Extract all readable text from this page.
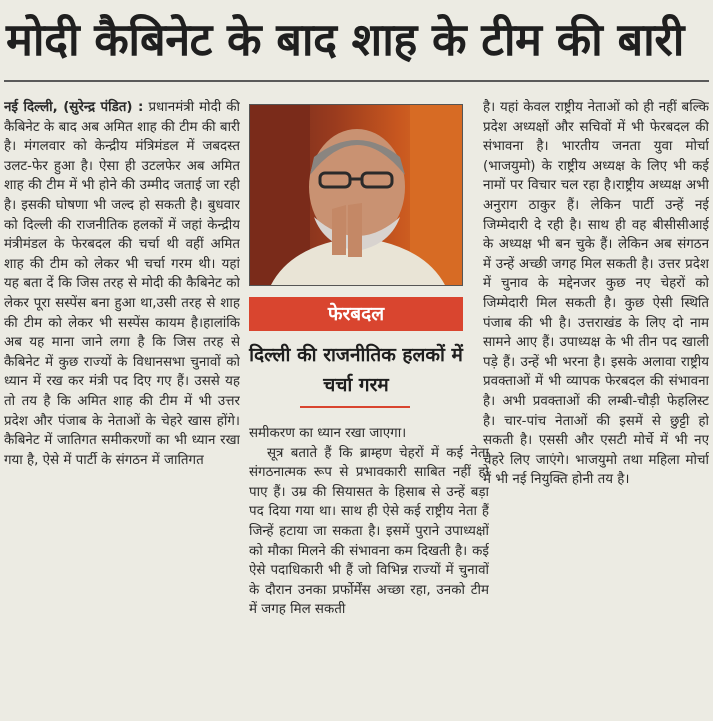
मोदी कैबिनेट के बाद शाह के टीम की बारी

नई दिल्ली, (सुरेन्द्र पंडित) : प्रधानमंत्री मोदी की कैबिनेट के बाद अब अमित शाह की टीम की बारी है। मंगलवार को केन्द्रीय मंत्रिमंडल में जबदस्त उलट-फेर हुआ है। ऐसा ही उटलफेर अब अमित शाह की टीम में भी होने की उम्मीद जताई जा रही है। इसकी घोषणा भी जल्द हो सकती है। बुधवार को दिल्ली की राजनीतिक हलकों में जहां केन्द्रीय मंत्रीमंडल के फेरबदल की चर्चा थी वहीं अमित शाह की टीम को लेकर भी चर्चा गरम थी। यहां यह बता दें कि जिस तरह से मोदी की कैबिनेट को लेकर पूरा सस्पेंस बना हुआ था,उसी तरह से शाह की टीम को लेकर भी सस्पेंस कायम है।हालांकि अब यह माना जाने लगा है कि जिस तरह से कैबिनेट में कुछ राज्यों के विधानसभा चुनावों को ध्यान में रख कर मंत्री पद दिए गए हैं। उससे यह तो तय है कि अमित शाह की टीम में भी उत्तर प्रदेश और पंजाब के नेताओं के चेहरे खास होंगे। कैबिनेट में जातिगत समीकरणों का भी ध्यान रखा गया है, ऐसे में पार्टी के संगठन में जातिगत

फेरबदल
दिल्ली की राजनीतिक हलकों में चर्चा गरम

समीकरण का ध्यान रखा जाएगा।

सूत्र बताते हैं कि ब्राम्हण चेहरों में कई नेता संगठनात्मक रूप से प्रभावकारी साबित नहीं हो पाए हैं। उम्र की सियासत के हिसाब से उन्हें बड़ा पद दिया गया था। साथ ही ऐसे कई राष्ट्रीय नेता हैं जिन्हें हटाया जा सकता है। इसमें पुराने उपाध्यक्षों को मौका मिलने की संभावना कम दिखती है। कई ऐसे पदाधिकारी भी हैं जो विभिन्न राज्यों में चुनावों के दौरान उनका प्रर्फोर्मेंस अच्छा रहा, उनको टीम में जगह मिल सकती

है। यहां केवल राष्ट्रीय नेताओं को ही नहीं बल्कि प्रदेश अध्यक्षों और सचिवों में भी फेरबदल की संभावना है। भारतीय जनता युवा मोर्चा (भाजयुमो) के राष्ट्रीय अध्यक्ष के लिए भी कई नामों पर विचार चल रहा है।राष्ट्रीय अध्यक्ष अभी अनुराग ठाकुर हैं। लेकिन पार्टी उन्हें नई जिम्मेदारी दे रही है। साथ ही वह बीसीसीआई के अध्यक्ष भी बन चुके हैं। लेकिन अब संगठन में उन्हें अच्छी जगह मिल सकती है। उत्तर प्रदेश में चुनाव के मद्देनजर कुछ नए चेहरों को जिम्मेदारी मिल सकती है। कुछ ऐसी स्थिति पंजाब की भी है। उत्तराखंड के लिए दो नाम सामने आए हैं। उपाध्यक्ष के भी तीन पद खाली पड़े हैं। उन्हें भी भरना है। इसके अलावा राष्ट्रीय प्रवक्ताओं में भी व्यापक फेरबदल की संभावना है। अभी प्रवक्ताओं की लम्बी-चौड़ी फेहलिस्ट है। चार-पांच नेताओं की इसमें से छुट्टी हो सकती है। एससी और एसटी मोर्चे में भी नए चेहरे लिए जाएंगे। भाजयुमो तथा महिला मोर्चा में भी नई नियुक्ति होनी तय है।
